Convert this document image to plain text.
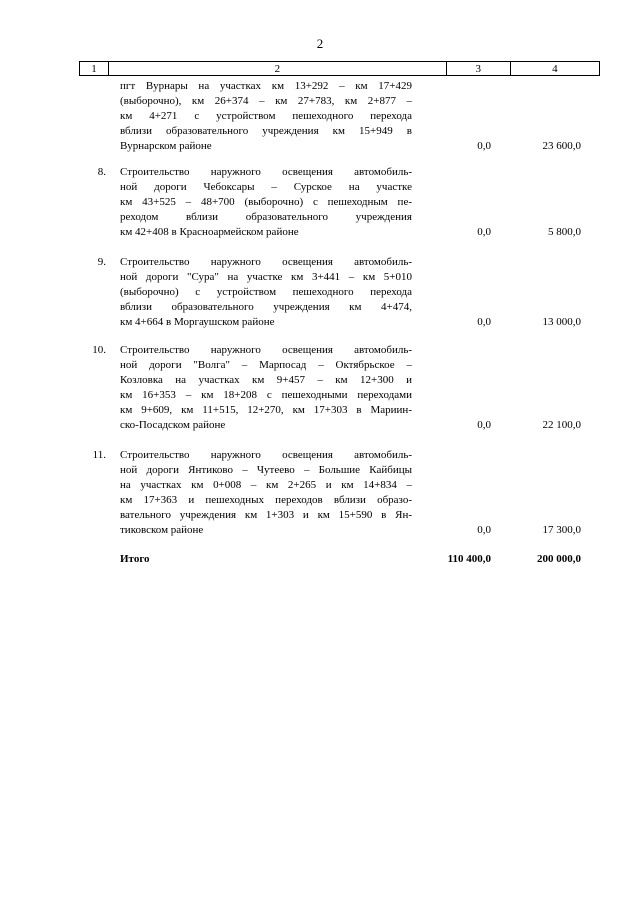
2
1	2	3	4
пгт Вурнары на участках км 13+292 – км 17+429
(выборочно), км 26+374 – км 27+783, км 2+877 –
км 4+271 с устройством пешеходного перехода
вблизи образовательного учреждения км 15+949 в
Вурнарском районе	0,0	23 600,0
8. Строительство наружного освещения автомобиль-
ной дороги Чебоксары – Сурское на участке
км 43+525 – 48+700 (выборочно) с пешеходным пе-
реходом вблизи образовательного учреждения
км 42+408 в Красноармейском районе	0,0	5 800,0
9. Строительство наружного освещения автомобиль-
ной дороги "Сура" на участке км 3+441 – км 5+010
(выборочно) с устройством пешеходного перехода
вблизи образовательного учреждения км 4+474,
км 4+664 в Моргаушском районе	0,0	13 000,0
10. Строительство наружного освещения автомобиль-
ной дороги "Волга" – Марпосад – Октябрьское –
Козловка на участках км 9+457 – км 12+300 и
км 16+353 – км 18+208 с пешеходными переходами
км 9+609, км 11+515, 12+270, км 17+303 в Мариин-
ско-Посадском районе	0,0	22 100,0
11. Строительство наружного освещения автомобиль-
ной дороги Янтиково – Чутеево – Большие Кайбицы
на участках км 0+008 – км 2+265 и км 14+834 –
км 17+363 и пешеходных переходов вблизи образо-
вательного учреждения км 1+303 и км 15+590 в Ян-
тиковском районе	0,0	17 300,0
Итого	110 400,0	200 000,0
